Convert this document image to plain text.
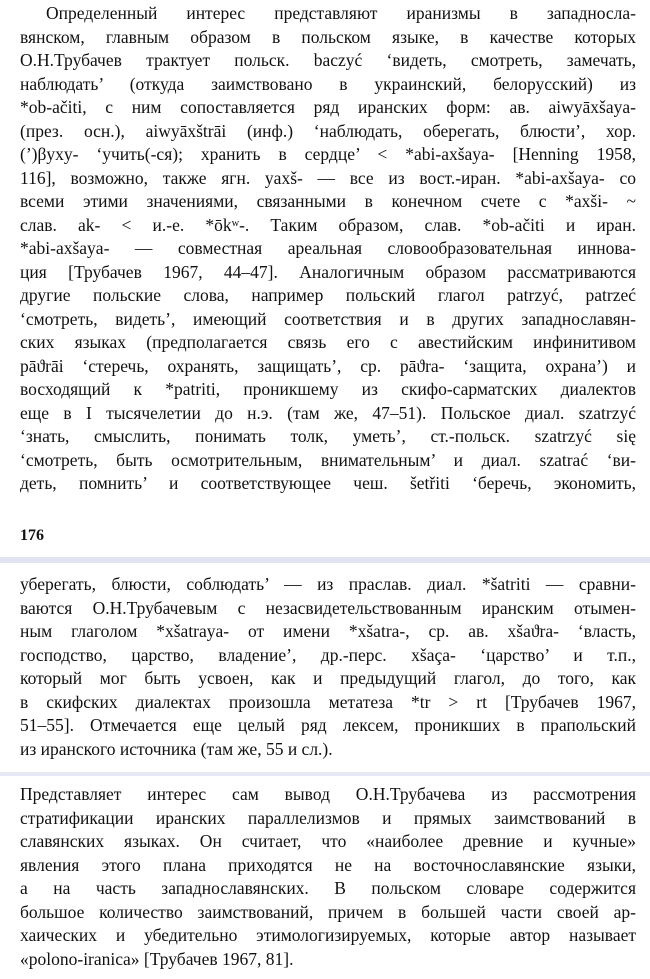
Определенный интерес представляют иранизмы в западносла-
вянском, главным образом в польском языке, в качестве которых
О.Н.Трубачев трактует польск. baczyć ‘видеть, смотреть, замечать,
наблюдать’ (откуда заимствовано в украинский, белорусский) из
*ob-ačiti, с ним сопоставляется ряд иранских форм: ав. aiwyāxšaya-
(през. осн.), aiwyāxštrāi (инф.) ‘наблюдать, оберегать, блюсти’, хор.
(’)βyxy- ‘учить(-ся); хранить в сердце’ < *abi-axšaya- [Henning 1958,
116], возможно, также ягн. yaxš- — все из вост.-иран. *abi-axšaya- со
всеми этими значениями, связанными в конечном счете с *axši- ~
слав. ak- < и.-е. *ōkʷ-. Таким образом, слав. *ob-ačiti и иран.
*abi-axšaya- — совместная ареальная словообразовательная иннова-
ция [Трубачев 1967, 44–47]. Аналогичным образом рассматриваются
другие польские слова, например польский глагол patrzyć, patrzeć
‘смотреть, видеть’, имеющий соответствия и в других западнославян-
ских языках (предполагается связь его с авестийским инфинитивом
pāϑrāi ‘стеречь, охранять, защищать’, ср. pāϑra- ‘защита, охрана’) и
восходящий к *patriti, проникшему из скифо-сарматских диалектов
еще в I тысячелетии до н.э. (там же, 47–51). Польское диал. szatrzyć
‘знать, смыслить, понимать толк, уметь’, ст.-польск. szatrzyć się
‘смотреть, быть осмотрительным, внимательным’ и диал. szatrać ‘ви-
деть, помнить’ и соответствующее чеш. šetřiti ‘беречь, экономить,
176
уберегать, блюсти, соблюдать’ — из праслав. диал. *šatriti — сравни-
ваются О.Н.Трубачевым с незасвидетельствованным иранским отымен-
ным глаголом *xšatraya- от имени *xšatra-, ср. ав. xšaϑra- ‘власть,
господство, царство, владение’, др.-перс. xšaça- ‘царство’ и т.п.,
который мог быть усвоен, как и предыдущий глагол, до того, как
в скифских диалектах произошла метатеза *tr > rt [Трубачев 1967,
51–55]. Отмечается еще целый ряд лексем, проникших в прапольский
из иранского источника (там же, 55 и сл.).
Представляет интерес сам вывод О.Н.Трубачева из рассмотрения
стратификации иранских параллелизмов и прямых заимствований в
славянских языках. Он считает, что «наиболее древние и кучные»
явления этого плана приходятся не на восточнославянские языки,
а на часть западнославянских. В польском словаре содержится
большое количество заимствований, причем в большей части своей ар-
хаических и убедительно этимологизируемых, которые автор называет
«polono-iranica» [Трубачев 1967, 81].
